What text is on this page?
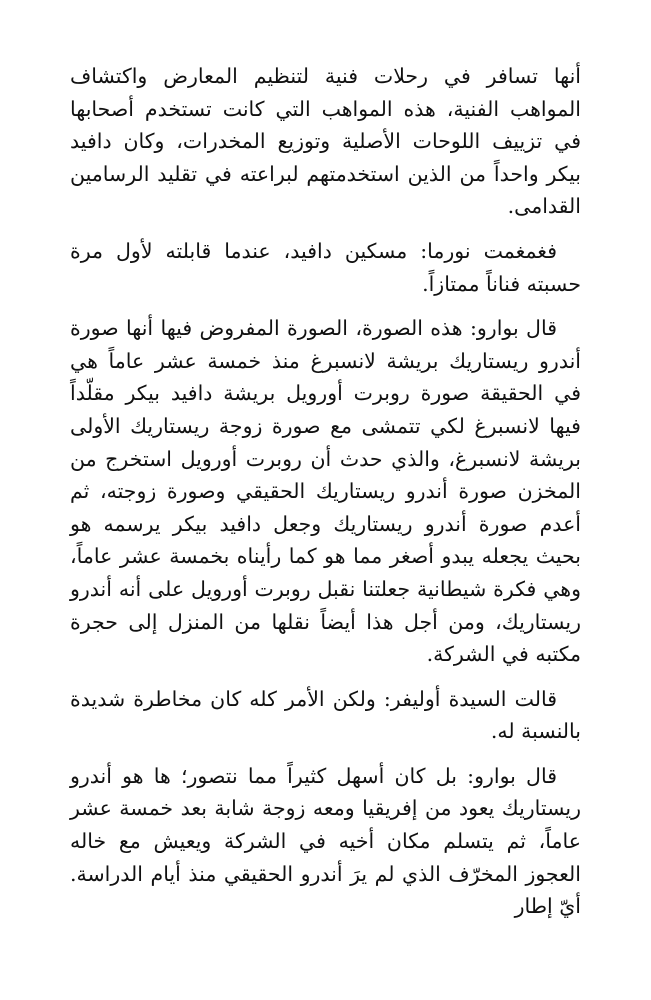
أنها تسافر في رحلات فنية لتنظيم المعارض واكتشاف المواهب الفنية، هذه المواهب التي كانت تستخدم أصحابها في تزييف اللوحات الأصلية وتوزيع المخدرات، وكان دافيد بيكر واحداً من الذين استخدمتهم لبراعته في تقليد الرسامين القدامى.

فغمغمت نورما: مسكين دافيد، عندما قابلته لأول مرة حسبته فناناً ممتازاً.

قال بوارو: هذه الصورة، الصورة المفروض فيها أنها صورة أندرو ريستاريك بريشة لانسبرغ منذ خمسة عشر عاماً هي في الحقيقة صورة روبرت أورويل بريشة دافيد بيكر مقلّداً فيها لانسبرغ لكي تتمشى مع صورة زوجة ريستاريك الأولى بريشة لانسبرغ، والذي حدث أن روبرت أورويل استخرج من المخزن صورة أندرو ريستاريك الحقيقي وصورة زوجته، ثم أعدم صورة أندرو ريستاريك وجعل دافيد بيكر يرسمه هو بحيث يجعله يبدو أصغر مما هو كما رأيناه بخمسة عشر عاماً، وهي فكرة شيطانية جعلتنا نقبل روبرت أورويل على أنه أندرو ريستاريك، ومن أجل هذا أيضاً نقلها من المنزل إلى حجرة مكتبه في الشركة.

قالت السيدة أوليفر: ولكن الأمر كله كان مخاطرة شديدة بالنسبة له.

قال بوارو: بل كان أسهل كثيراً مما نتصور؛ ها هو أندرو ريستاريك يعود من إفريقيا ومعه زوجة شابة بعد خمسة عشر عاماً، ثم يتسلم مكان أخيه في الشركة ويعيش مع خاله العجوز المخرّف الذي لم يرَ أندرو الحقيقي منذ أيام الدراسة. أيّ إطار
